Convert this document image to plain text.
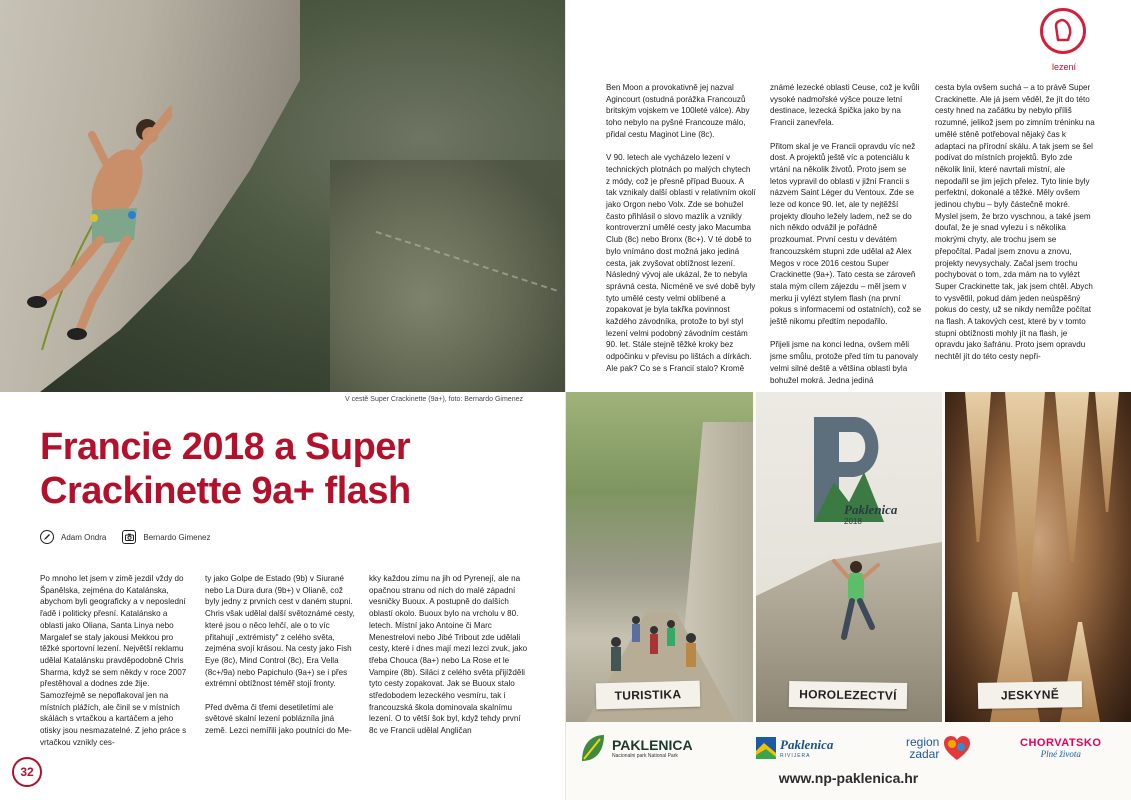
V cestě Super Crackinette (9a+), foto: Bernardo Gimenez
Francie 2018 a Super Crackinette 9a+ flash
Adam Ondra	Bernardo Gimenez
Po mnoho let jsem v zimě jezdil vždy do Španělska, zejména do Katalánska, abychom byli geograficky a v neposlední řadě i politicky přesní. Katalánsko a oblasti jako Oliana, Santa Linya nebo Margalef se staly jakousi Mekkou pro těžké sportovní lezení. Největší reklamu udělal Katalánsku pravděpodobně Chris Sharma, když se sem někdy v roce 2007 přestěhoval a dodnes zde žije. Samozřejmě se nepoflakoval jen na místních plážích, ale činil se v místních skálách s vrtačkou a kartáčem a jeho otisky jsou nesmazatelné. Z jeho práce s vrtačkou vznikly ces-
ty jako Golpe de Estado (9b) v Siurané nebo La Dura dura (9b+) v Olianě, což byly jedny z prvních cest v daném stupni. Chris však udělal další světoznámé cesty, které jsou o něco lehčí, ale o to víc přitahují „extrémisty" z celého světa, zejména svojí krásou. Na cesty jako Fish Eye (8c), Mind Control (8c), Era Vella (8c+/9a) nebo Papichulo (9a+) se i přes extrémní obtížnost téměř stojí fronty.

Před dvěma či třemi desetiletími ale světové skalní lezení poblázníla jiná země. Lezci nemířili jako poutníci do Me-
kky každou zimu na jih od Pyrenejí, ale na opačnou stranu od nich do malé západní vesničky Buoux. A postupně do dalších oblastí okolo. Buoux bylo na vrcholu v 80. letech. Místní jako Antoine či Marc Menestrelovi nebo Jibé Tribout zde udělali cesty, které i dnes mají mezi lezci zvuk, jako třeba Chouca (8a+) nebo La Rose et le Vampire (8b). Siláci z celého světa přijížděli tyto cesty zopakovat. Jak se Buoux stalo středobodem lezeckého vesmíru, tak i francouzská škola dominovala skalnímu lezení. O to větší šok byl, když tehdy první 8c ve Francii udělal Angličan
32
lezení
Ben Moon a provokativně jej nazval Agincourt (ostudná porážka Francouzů britským vojskem ve 100leté válce). Aby toho nebylo na pyšné Francouze málo, přidal cestu Maginot Line (8c).

V 90. letech ale vycházelo lezení v technických plotnách po malých chytech z módy, což je přesně případ Buoux. A tak vznikaly další oblasti v relativním okolí jako Orgon nebo Volx. Zde se bohužel často přihlásil o slovo mazlík a vznikly kontroverzní umělé cesty jako Macumba Club (8c) nebo Bronx (8c+). V té době to bylo vnímáno dost možná jako jediná cesta, jak zvyšovat obtížnost lezení. Následný vývoj ale ukázal, že to nebyla správná cesta. Nicméně ve své době byly tyto umělé cesty velmi oblíbené a zopakovat je byla takřka povinnost každého závodníka, protože to byl styl lezení velmi podobný závodním cestám 90. let. Stále stejně těžké kroky bez odpočinku v převisu po lištách a dírkách. Ale pak? Co se s Francií stalo? Kromě
známé lezecké oblasti Ceuse, což je kvůli vysoké nadmořské výšce pouze letní destinace, lezecká špička jako by na Francii zanevřela.

Přitom skal je ve Francii opravdu víc než dost. A projektů ještě víc a potenciálu k vrtání na několik životů. Proto jsem se letos vypravil do oblasti v jižní Francii s názvem Saint Léger du Ventoux. Zde se leze od konce 90. let, ale ty nejtěžší projekty dlouho ležely ladem, než se do nich někdo odvážil je pořádně prozkoumat. První cestu v devátém francouzském stupni zde udělal až Alex Megos v roce 2016 cestou Super Crackinette (9a+). Tato cesta se zároveň stala mým cílem zájezdu – měl jsem v merku ji vylézt stylem flash (na první pokus s informacemi od ostatních), což se ještě nikomu předtím nepodařilo.

Přijeli jsme na konci ledna, ovšem měli jsme smůlu, protože před tím tu panovaly velmi silné deště a většina oblasti byla bohužel mokrá. Jedna jediná
cesta byla ovšem suchá – a to právě Super Crackinette. Ale já jsem věděl, že jít do této cesty hned na začátku by nebylo příliš rozumné, jelikož jsem po zimním tréninku na umělé stěně potřeboval nějaký čas k adaptaci na přírodní skálu. A tak jsem se šel podívat do místních projektů. Bylo zde několik linií, které navrtali místní, ale nepodařil se jim jejich přelez. Tyto linie byly perfektní, dokonalé a těžké. Měly ovšem jedinou chybu – byly částečně mokré. Myslel jsem, že brzo vyschnou, a také jsem doufal, že je snad vylezu i s několika mokrými chyty, ale trochu jsem se přepočítal. Padal jsem znovu a znovu, projekty nevysychaly. Začal jsem trochu pochybovat o tom, zda mám na to vylézt Super Crackinette tak, jak jsem chtěl. Abych to vysvětlil, pokud dám jeden neúspěšný pokus do cesty, už se nikdy nemůže počítat na flash. A takových cest, které by v tomto stupni obtížnosti mohly jít na flash, je opravdu jako šafránu. Proto jsem opravdu nechtěl jít do této cesty nepři-
Paklenica
2018
TURISTIKA	HOROLEZECTVÍ	JESKYNĚ
PAKLENICA
Nacionalni park National Park
Paklenica
RIVIJERA
region
zadar
CHORVATSKO
Plné života
www.np-paklenica.hr
